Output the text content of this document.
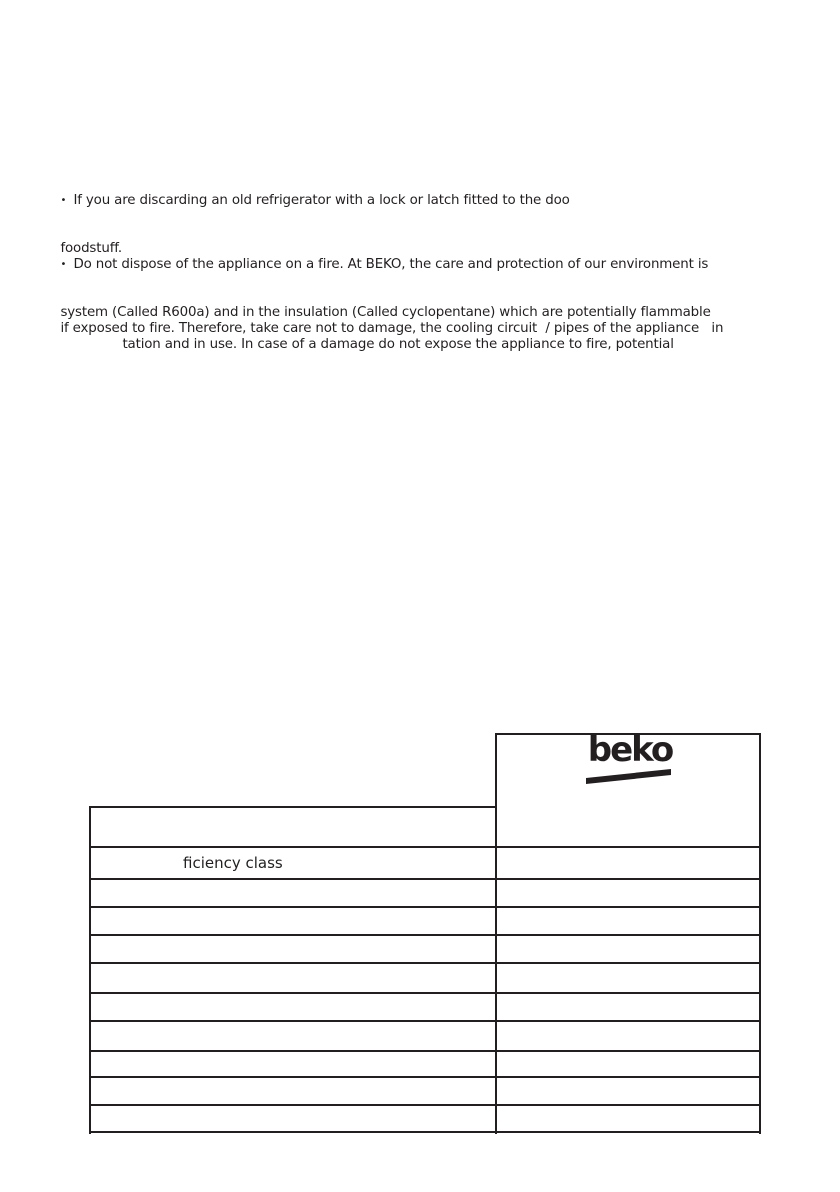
• If you are discarding an old refrigerator with a lock or latch fitted to the doo

foodstuff.

• Do not dispose of the appliance on a fire. At BEKO, the care and protection of our environment is

system (Called R600a) and in the insulation (Called cyclopentane) which are potentially flammable

if exposed to fire. Therefore, take care not to damage, the cooling circuit  / pipes of the appliance   in

tation and in use. In case of a damage do not expose the appliance to fire, potential

beko
ficiency class
